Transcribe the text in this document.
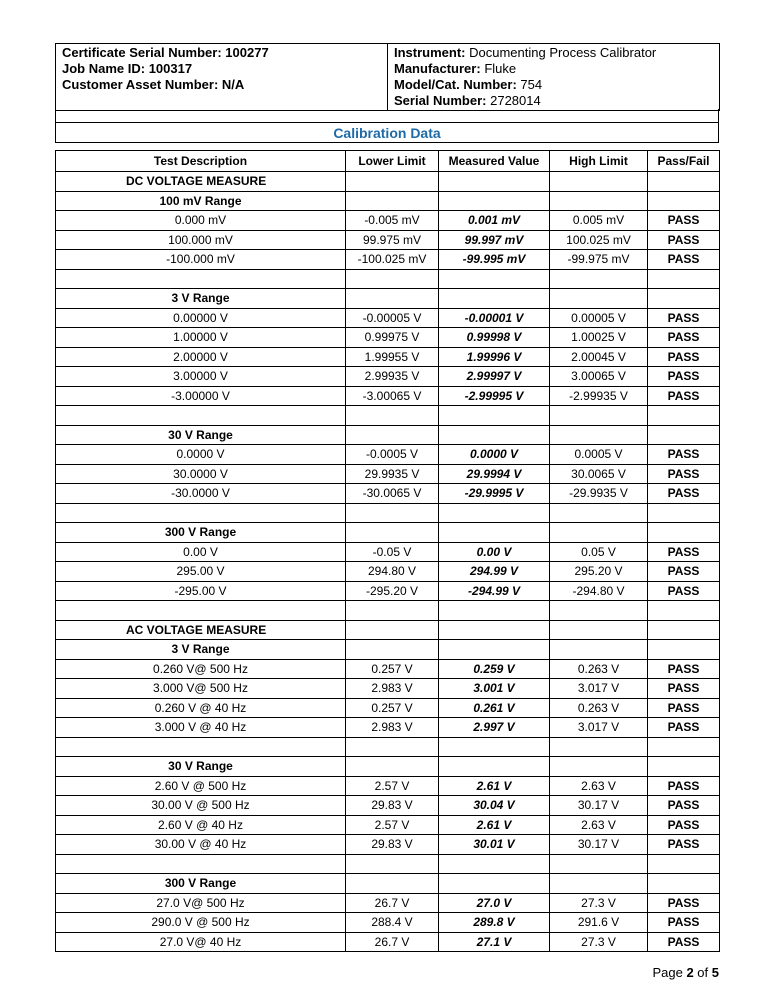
Certificate Serial Number: 100277
Job Name ID: 100317
Customer Asset Number: N/A

Instrument: Documenting Process Calibrator
Manufacturer: Fluke
Model/Cat. Number: 754
Serial Number: 2728014
Calibration Data
Test Description	Lower Limit	Measured Value	High Limit	Pass/Fail
DC VOLTAGE MEASURE				
100 mV Range				
0.000 mV	-0.005 mV	0.001 mV	0.005 mV	PASS
100.000 mV	99.975 mV	99.997 mV	100.025 mV	PASS
-100.000 mV	-100.025 mV	-99.995 mV	-99.975 mV	PASS

3 V Range				
0.00000 V	-0.00005 V	-0.00001 V	0.00005 V	PASS
1.00000 V	0.99975 V	0.99998 V	1.00025 V	PASS
2.00000 V	1.99955 V	1.99996 V	2.00045 V	PASS
3.00000 V	2.99935 V	2.99997 V	3.00065 V	PASS
-3.00000 V	-3.00065 V	-2.99995 V	-2.99935 V	PASS

30 V Range				
0.0000 V	-0.0005 V	0.0000 V	0.0005 V	PASS
30.0000 V	29.9935 V	29.9994 V	30.0065 V	PASS
-30.0000 V	-30.0065 V	-29.9995 V	-29.9935 V	PASS

300 V Range				
0.00 V	-0.05 V	0.00 V	0.05 V	PASS
295.00 V	294.80 V	294.99 V	295.20 V	PASS
-295.00 V	-295.20 V	-294.99 V	-294.80 V	PASS

AC VOLTAGE MEASURE				
3 V Range				
0.260 V@ 500 Hz	0.257 V	0.259 V	0.263 V	PASS
3.000 V@ 500 Hz	2.983 V	3.001 V	3.017 V	PASS
0.260 V @ 40 Hz	0.257 V	0.261 V	0.263 V	PASS
3.000 V @ 40 Hz	2.983 V	2.997 V	3.017 V	PASS

30 V Range				
2.60 V @ 500 Hz	2.57 V	2.61 V	2.63 V	PASS
30.00 V @ 500 Hz	29.83 V	30.04 V	30.17 V	PASS
2.60 V @ 40 Hz	2.57 V	2.61 V	2.63 V	PASS
30.00 V @ 40 Hz	29.83 V	30.01 V	30.17 V	PASS

300 V Range				
27.0 V@ 500 Hz	26.7 V	27.0 V	27.3 V	PASS
290.0 V @ 500 Hz	288.4 V	289.8 V	291.6 V	PASS
27.0 V@ 40 Hz	26.7 V	27.1 V	27.3 V	PASS
Page 2 of 5
